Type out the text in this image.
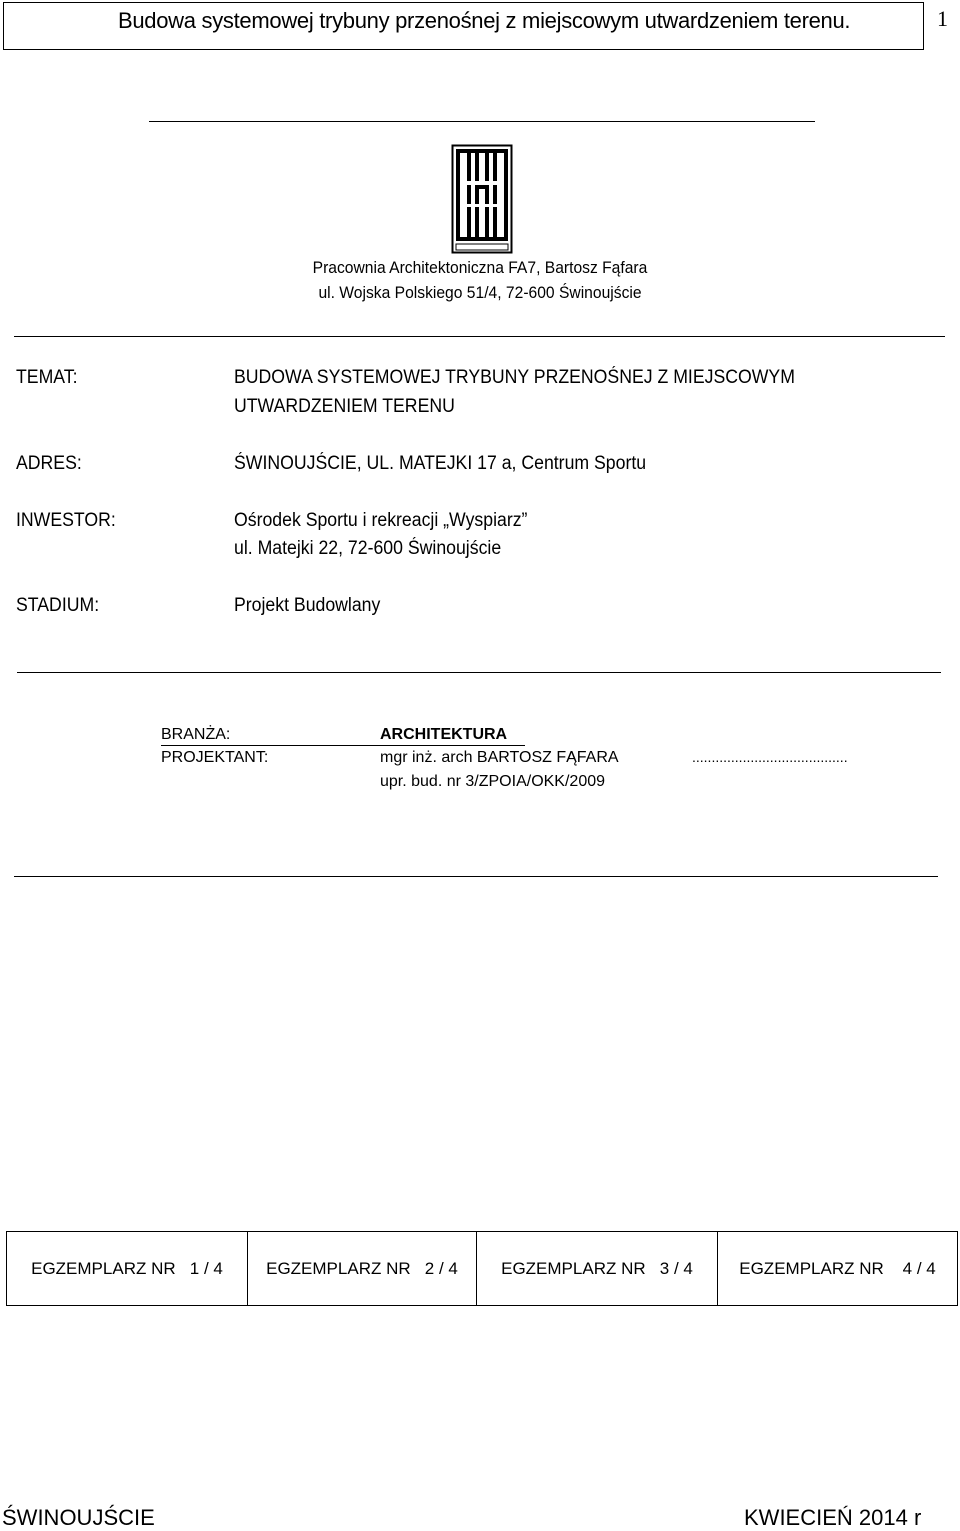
Budowa systemowej trybuny przenośnej z miejscowym utwardzeniem terenu.	1
Pracownia Architektoniczna FA7, Bartosz Fąfara
ul. Wojska Polskiego 51/4, 72-600 Świnoujście
TEMAT:	BUDOWA SYSTEMOWEJ TRYBUNY PRZENOŚNEJ Z MIEJSCOWYM
UTWARDZENIEM TERENU
ADRES:	ŚWINOUJŚCIE, UL. MATEJKI 17 a, Centrum Sportu
INWESTOR:	Ośrodek Sportu i rekreacji „Wyspiarz”
ul. Matejki 22, 72-600 Świnoujście
STADIUM:	Projekt Budowlany
BRANŻA:	ARCHITEKTURA
PROJEKTANT:	mgr inż. arch BARTOSZ FĄFARA	........................................
upr. bud. nr 3/ZPOIA/OKK/2009
EGZEMPLARZ NR   1 / 4	EGZEMPLARZ NR   2 / 4	EGZEMPLARZ NR   3 / 4	EGZEMPLARZ NR    4 / 4
ŚWINOUJŚCIE	KWIECIEŃ 2014 r
